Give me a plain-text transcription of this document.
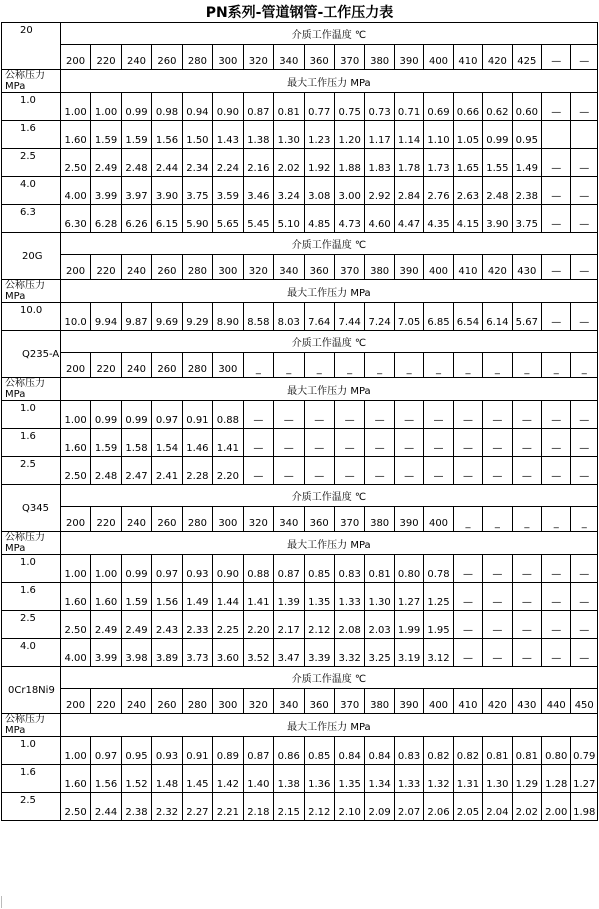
PN系列-管道钢管-工作压力表
20	介质工作温度 ℃																	
	200	220	240	260	280	300	320	340	360	370	380	390	400	410	420	425	—	—
公称压力 MPa	最大工作压力 MPa																	
1.0	1.00	1.00	0.99	0.98	0.94	0.90	0.87	0.81	0.77	0.75	0.73	0.71	0.69	0.66	0.62	0.60	—	—
1.6	1.60	1.59	1.59	1.56	1.50	1.43	1.38	1.30	1.23	1.20	1.17	1.14	1.10	1.05	0.99	0.95		
2.5	2.50	2.49	2.48	2.44	2.34	2.24	2.16	2.02	1.92	1.88	1.83	1.78	1.73	1.65	1.55	1.49	—	—
4.0	4.00	3.99	3.97	3.90	3.75	3.59	3.46	3.24	3.08	3.00	2.92	2.84	2.76	2.63	2.48	2.38	—	—
6.3	6.30	6.28	6.26	6.15	5.90	5.65	5.45	5.10	4.85	4.73	4.60	4.47	4.35	4.15	3.90	3.75	—	—
20G	介质工作温度 ℃																	
	200	220	240	260	280	300	320	340	360	370	380	390	400	410	420	430	—	—
公称压力 MPa	最大工作压力 MPa																	
10.0	10.0	9.94	9.87	9.69	9.29	8.90	8.58	8.03	7.64	7.44	7.24	7.05	6.85	6.54	6.14	5.67	—	—
Q235-A	介质工作温度 ℃																	
	200	220	240	260	280	300	_	_	_	_	_	_	_	_	_	_	_	_
公称压力 MPa	最大工作压力 MPa																	
1.0	1.00	0.99	0.99	0.97	0.91	0.88	—	—	—	—	—	—	—	—	—	—	—	—
1.6	1.60	1.59	1.58	1.54	1.46	1.41	—	—	—	—	—	—	—	—	—	—	—	—
2.5	2.50	2.48	2.47	2.41	2.28	2.20	—	—	—	—	—	—	—	—	—	—	—	—
Q345	介质工作温度 ℃																	
	200	220	240	260	280	300	320	340	360	370	380	390	400	_	_	_	_	_
公称压力 MPa	最大工作压力 MPa																	
1.0	1.00	1.00	0.99	0.97	0.93	0.90	0.88	0.87	0.85	0.83	0.81	0.80	0.78	—	—	—	—	—
1.6	1.60	1.60	1.59	1.56	1.49	1.44	1.41	1.39	1.35	1.33	1.30	1.27	1.25	—	—	—	—	—
2.5	2.50	2.49	2.49	2.43	2.33	2.25	2.20	2.17	2.12	2.08	2.03	1.99	1.95	—	—	—	—	—
4.0	4.00	3.99	3.98	3.89	3.73	3.60	3.52	3.47	3.39	3.32	3.25	3.19	3.12	—	—	—	—	—
0Cr18Ni9	介质工作温度 ℃																	
	200	220	240	260	280	300	320	340	360	370	380	390	400	410	420	430	440	450
公称压力 MPa	最大工作压力 MPa																	
1.0	1.00	0.97	0.95	0.93	0.91	0.89	0.87	0.86	0.85	0.84	0.84	0.83	0.82	0.82	0.81	0.81	0.80	0.79
1.6	1.60	1.56	1.52	1.48	1.45	1.42	1.40	1.38	1.36	1.35	1.34	1.33	1.32	1.31	1.30	1.29	1.28	1.27
2.5	2.50	2.44	2.38	2.32	2.27	2.21	2.18	2.15	2.12	2.10	2.09	2.07	2.06	2.05	2.04	2.02	2.00	1.98
